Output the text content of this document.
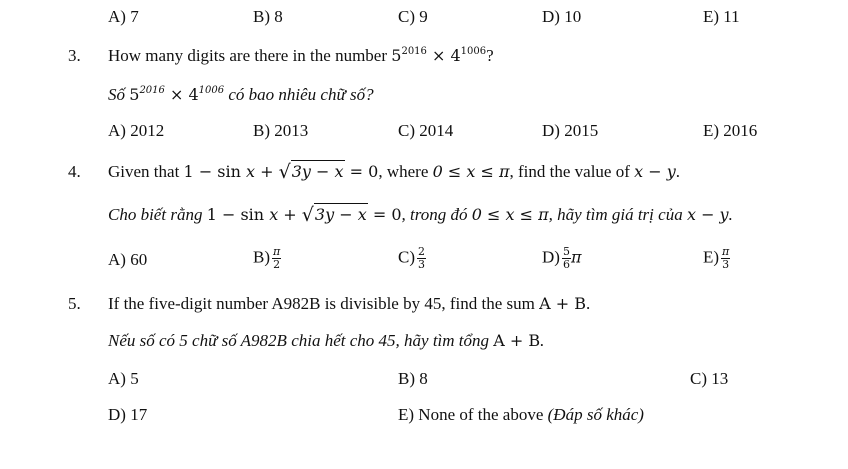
A) 7	B) 8	C) 9	D) 10	E) 11
3. How many digits are there in the number $5^{2016} \times 4^{1006}$?
Số $5^{2016} \times 4^{1006}$ có bao nhiêu chữ số?
A) 2012	B) 2013	C) 2014	D) 2015	E) 2016
4. Given that 1 − sin x + √3y − x = 0, where 0 ≤ x ≤ π, find the value of x − y.
Cho biết rằng 1 − sin x + √3y − x = 0, trong đó 0 ≤ x ≤ π, hãy tìm giá trị của x − y.
A) 60	$B) \frac{\pi}{2}$	$C) \frac{2}{3}$	$D) \frac{5}{6}$ π	$E) \frac{\pi}{3}$
5. If the five-digit number A982B is divisible by 45, find the sum A + B.
Nếu số có 5 chữ số A982B chia hết cho 45, hãy tìm tổng A + B.
A) 5	B) 8	C) 13
D) 17	E) None of the above (Đáp số khác)
